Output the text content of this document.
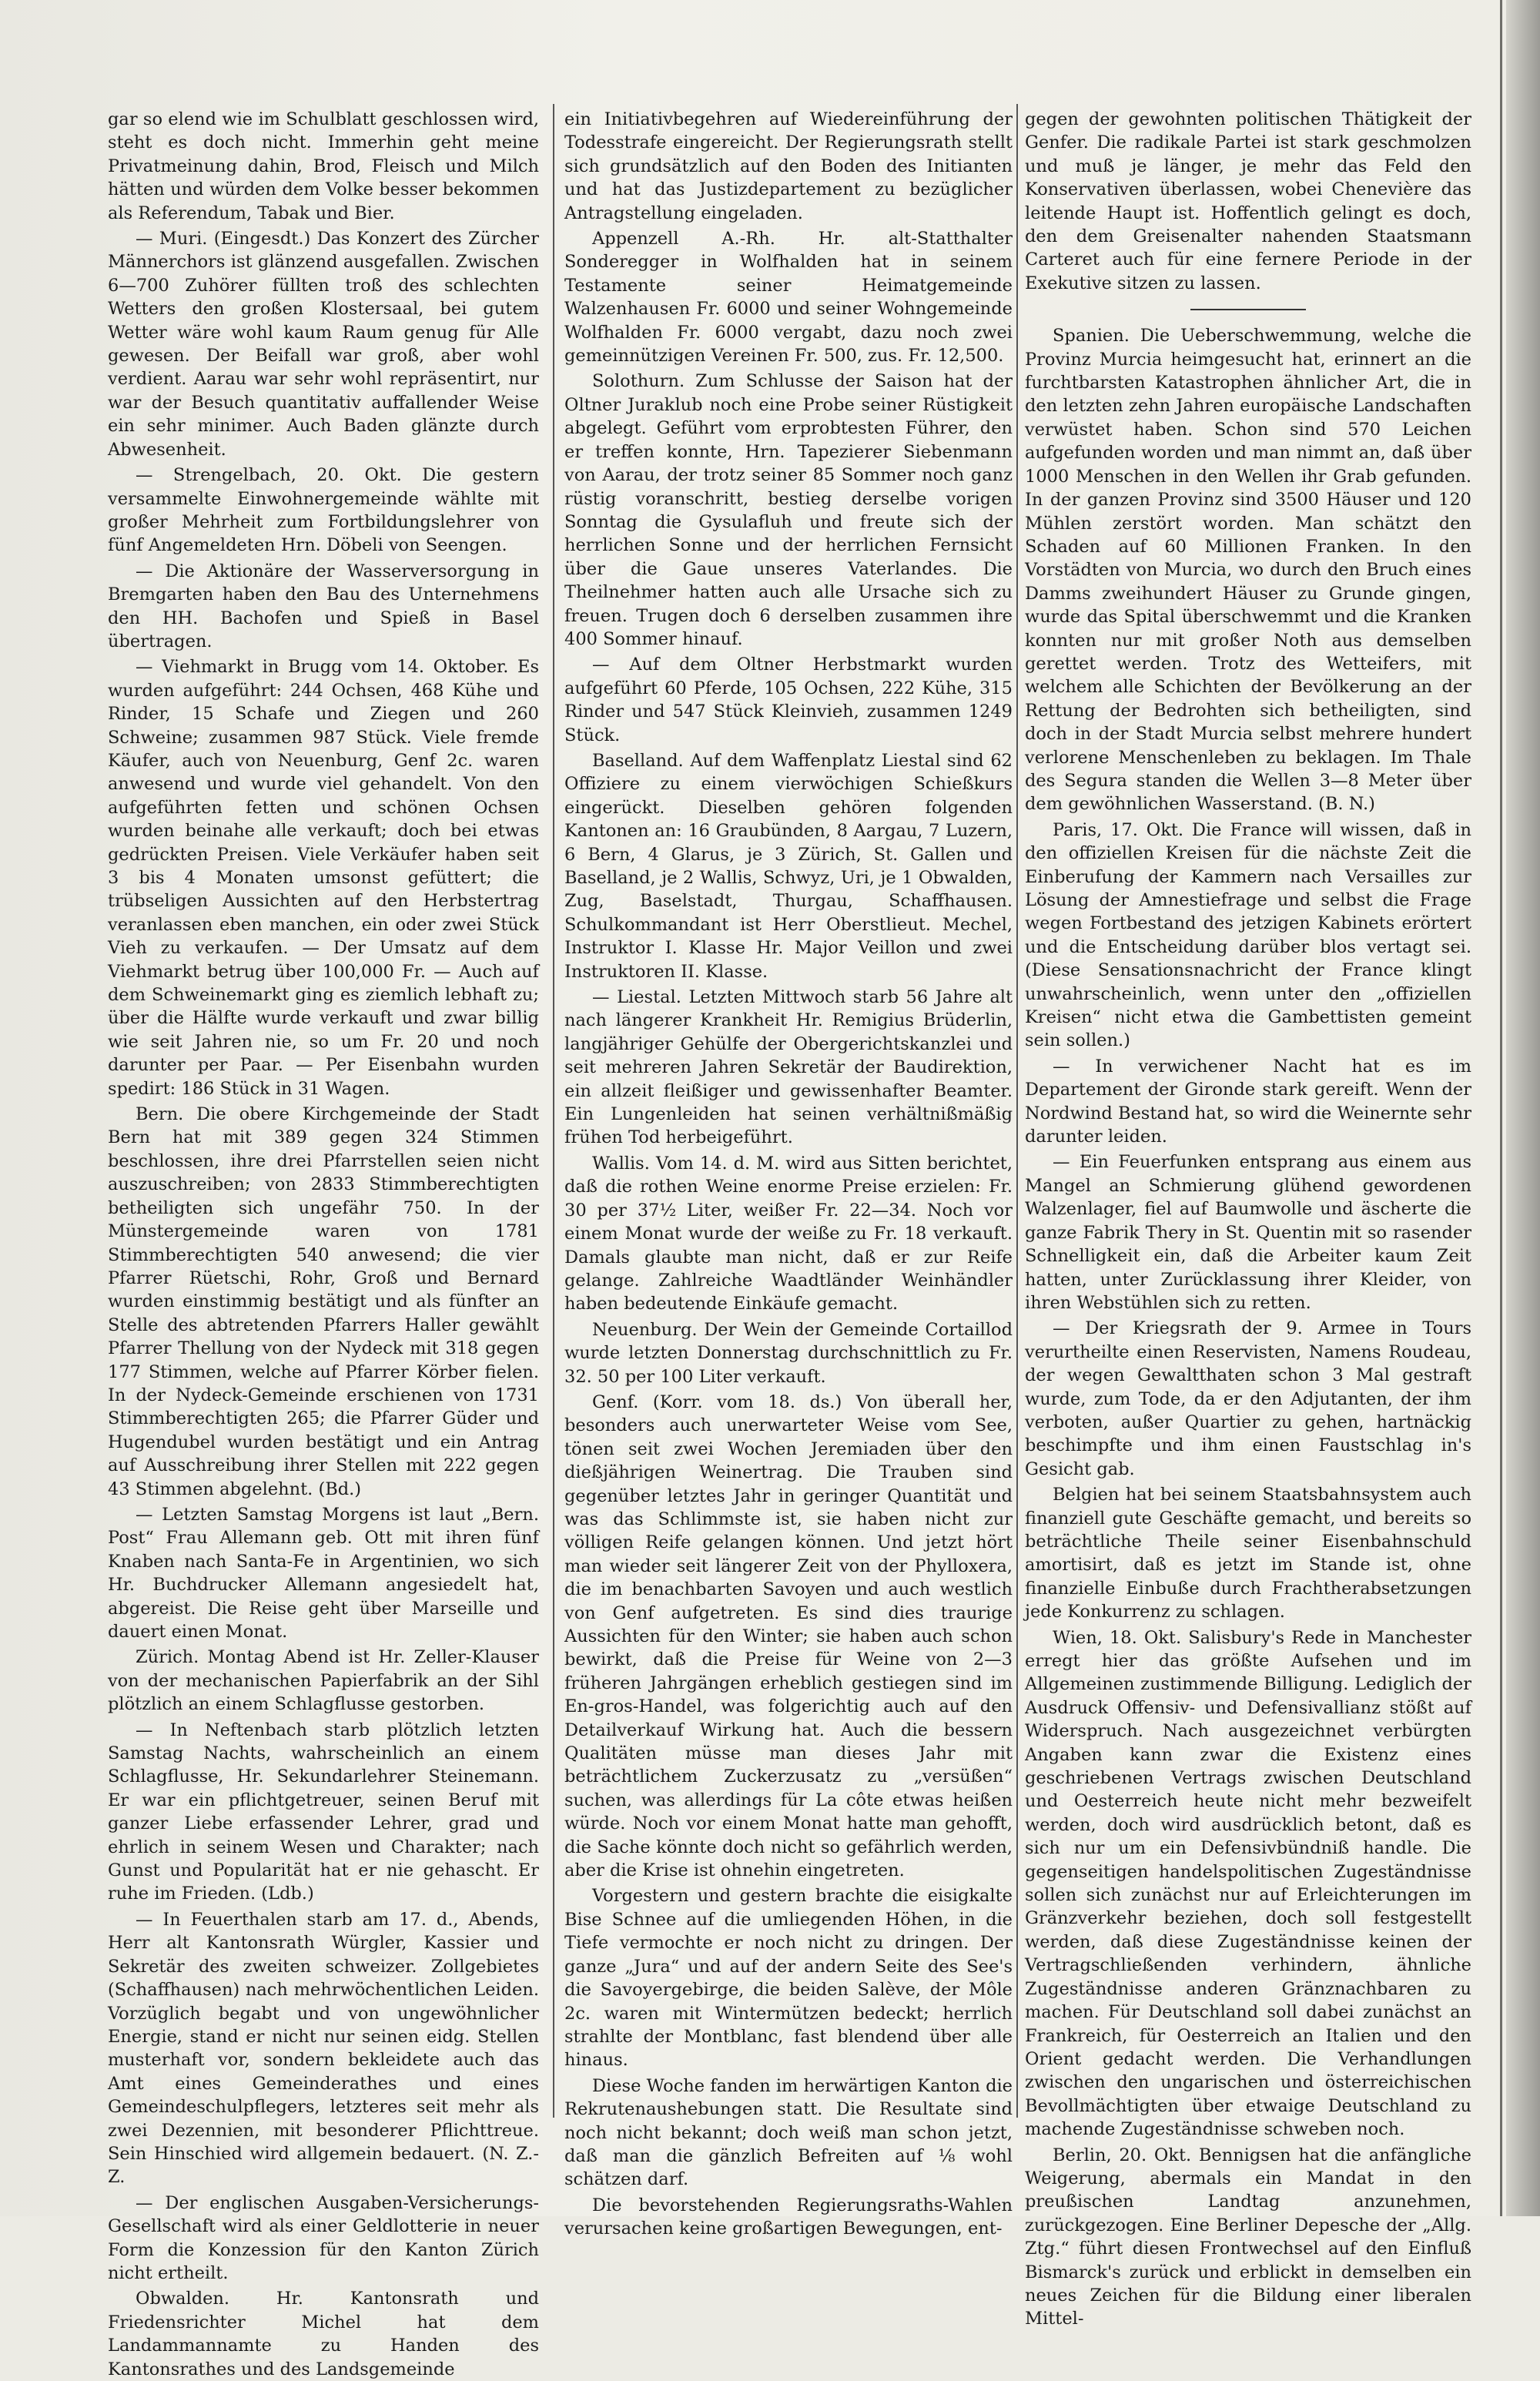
gar so elend wie im Schulblatt geschlossen wird, steht es doch nicht. Immerhin geht meine Privatmeinung dahin, Brod, Fleisch und Milch hätten und würden dem Volke besser bekommen als Referendum, Tabak und Bier.

— Muri. (Eingesdt.) Das Konzert des Zürcher Männerchors ist glänzend ausgefallen. Zwischen 6—700 Zuhörer füllten troß des schlechten Wetters den großen Klostersaal, bei gutem Wetter wäre wohl kaum Raum genug für Alle gewesen. Der Beifall war groß, aber wohl verdient. Aarau war sehr wohl repräsentirt, nur war der Besuch quantitativ auffallender Weise ein sehr minimer. Auch Baden glänzte durch Abwesenheit.

— Strengelbach, 20. Okt. Die gestern versammelte Einwohnergemeinde wählte mit großer Mehrheit zum Fortbildungslehrer von fünf Angemeldeten Hrn. Döbeli von Seengen.

— Die Aktionäre der Wasserversorgung in Bremgarten haben den Bau des Unternehmens den HH. Bachofen und Spieß in Basel übertragen.

— Viehmarkt in Brugg vom 14. Oktober. Es wurden aufgeführt: 244 Ochsen, 468 Kühe und Rinder, 15 Schafe und Ziegen und 260 Schweine; zusammen 987 Stück. Viele fremde Käufer, auch von Neuenburg, Genf 2c. waren anwesend und wurde viel gehandelt. Von den aufgeführten fetten und schönen Ochsen wurden beinahe alle verkauft; doch bei etwas gedrückten Preisen. Viele Verkäufer haben seit 3 bis 4 Monaten umsonst gefüttert; die trübseligen Aussichten auf den Herbstertrag veranlassen eben manchen, ein oder zwei Stück Vieh zu verkaufen. — Der Umsatz auf dem Viehmarkt betrug über 100,000 Fr. — Auch auf dem Schweinemarkt ging es ziemlich lebhaft zu; über die Hälfte wurde verkauft und zwar billig wie seit Jahren nie, so um Fr. 20 und noch darunter per Paar. — Per Eisenbahn wurden spedirt: 186 Stück in 31 Wagen.

Bern. Die obere Kirchgemeinde der Stadt Bern hat mit 389 gegen 324 Stimmen beschlossen, ihre drei Pfarrstellen seien nicht auszuschreiben; von 2833 Stimmberechtigten betheiligten sich ungefähr 750. In der Münstergemeinde waren von 1781 Stimmberechtigten 540 anwesend; die vier Pfarrer Rüetschi, Rohr, Groß und Bernard wurden einstimmig bestätigt und als fünfter an Stelle des abtretenden Pfarrers Haller gewählt Pfarrer Thellung von der Nydeck mit 318 gegen 177 Stimmen, welche auf Pfarrer Körber fielen. In der Nydeck-Gemeinde erschienen von 1731 Stimmberechtigten 265; die Pfarrer Güder und Hugendubel wurden bestätigt und ein Antrag auf Ausschreibung ihrer Stellen mit 222 gegen 43 Stimmen abgelehnt. (Bd.)

— Letzten Samstag Morgens ist laut „Bern. Post“ Frau Allemann geb. Ott mit ihren fünf Knaben nach Santa-Fe in Argentinien, wo sich Hr. Buchdrucker Allemann angesiedelt hat, abgereist. Die Reise geht über Marseille und dauert einen Monat.

Zürich. Montag Abend ist Hr. Zeller-Klauser von der mechanischen Papierfabrik an der Sihl plötzlich an einem Schlagflusse gestorben.

— In Neftenbach starb plötzlich letzten Samstag Nachts, wahrscheinlich an einem Schlagflusse, Hr. Sekundarlehrer Steinemann. Er war ein pflichtgetreuer, seinen Beruf mit ganzer Liebe erfassender Lehrer, grad und ehrlich in seinem Wesen und Charakter; nach Gunst und Popularität hat er nie gehascht. Er ruhe im Frieden. (Ldb.)

— In Feuerthalen starb am 17. d., Abends, Herr alt Kantonsrath Würgler, Kassier und Sekretär des zweiten schweizer. Zollgebietes (Schaffhausen) nach mehrwöchentlichen Leiden. Vorzüglich begabt und von ungewöhnlicher Energie, stand er nicht nur seinen eidg. Stellen musterhaft vor, sondern bekleidete auch das Amt eines Gemeinderathes und eines Gemeindeschulpflegers, letzteres seit mehr als zwei Dezennien, mit besonderer Pflichttreue. Sein Hinschied wird allgemein bedauert. (N. Z.-Z.

— Der englischen Ausgaben-Versicherungs-Gesellschaft wird als einer Geldlotterie in neuer Form die Konzession für den Kanton Zürich nicht ertheilt.

Obwalden. Hr. Kantonsrath und Friedensrichter Michel hat dem Landammannamte zu Handen des Kantonsrathes und des Landsgemeinde

ein Initiativbegehren auf Wiedereinführung der Todesstrafe eingereicht. Der Regierungsrath stellt sich grundsätzlich auf den Boden des Initianten und hat das Justizdepartement zu bezüglicher Antragstellung eingeladen.

Appenzell A.-Rh. Hr. alt-Statthalter Sonderegger in Wolfhalden hat in seinem Testamente seiner Heimatgemeinde Walzenhausen Fr. 6000 und seiner Wohngemeinde Wolfhalden Fr. 6000 vergabt, dazu noch zwei gemeinnützigen Vereinen Fr. 500, zus. Fr. 12,500.

Solothurn. Zum Schlusse der Saison hat der Oltner Juraklub noch eine Probe seiner Rüstigkeit abgelegt. Geführt vom erprobtesten Führer, den er treffen konnte, Hrn. Tapezierer Siebenmann von Aarau, der trotz seiner 85 Sommer noch ganz rüstig voranschritt, bestieg derselbe vorigen Sonntag die Gysulafluh und freute sich der herrlichen Sonne und der herrlichen Fernsicht über die Gaue unseres Vaterlandes. Die Theilnehmer hatten auch alle Ursache sich zu freuen. Trugen doch 6 derselben zusammen ihre 400 Sommer hinauf.

— Auf dem Oltner Herbstmarkt wurden aufgeführt 60 Pferde, 105 Ochsen, 222 Kühe, 315 Rinder und 547 Stück Kleinvieh, zusammen 1249 Stück.

Baselland. Auf dem Waffenplatz Liestal sind 62 Offiziere zu einem vierwöchigen Schießkurs eingerückt. Dieselben gehören folgenden Kantonen an: 16 Graubünden, 8 Aargau, 7 Luzern, 6 Bern, 4 Glarus, je 3 Zürich, St. Gallen und Baselland, je 2 Wallis, Schwyz, Uri, je 1 Obwalden, Zug, Baselstadt, Thurgau, Schaffhausen. Schulkommandant ist Herr Oberstlieut. Mechel, Instruktor I. Klasse Hr. Major Veillon und zwei Instruktoren II. Klasse.

— Liestal. Letzten Mittwoch starb 56 Jahre alt nach längerer Krankheit Hr. Remigius Brüderlin, langjähriger Gehülfe der Obergerichtskanzlei und seit mehreren Jahren Sekretär der Baudirektion, ein allzeit fleißiger und gewissenhafter Beamter. Ein Lungenleiden hat seinen verhältnißmäßig frühen Tod herbeigeführt.

Wallis. Vom 14. d. M. wird aus Sitten berichtet, daß die rothen Weine enorme Preise erzielen: Fr. 30 per 37½ Liter, weißer Fr. 22—34. Noch vor einem Monat wurde der weiße zu Fr. 18 verkauft. Damals glaubte man nicht, daß er zur Reife gelange. Zahlreiche Waadtländer Weinhändler haben bedeutende Einkäufe gemacht.

Neuenburg. Der Wein der Gemeinde Cortaillod wurde letzten Donnerstag durchschnittlich zu Fr. 32. 50 per 100 Liter verkauft.

Genf. (Korr. vom 18. ds.) Von überall her, besonders auch unerwarteter Weise vom See, tönen seit zwei Wochen Jeremiaden über den dießjährigen Weinertrag. Die Trauben sind gegenüber letztes Jahr in geringer Quantität und was das Schlimmste ist, sie haben nicht zur völligen Reife gelangen können. Und jetzt hört man wieder seit längerer Zeit von der Phylloxera, die im benachbarten Savoyen und auch westlich von Genf aufgetreten. Es sind dies traurige Aussichten für den Winter; sie haben auch schon bewirkt, daß die Preise für Weine von 2—3 früheren Jahrgängen erheblich gestiegen sind im En-gros-Handel, was folgerichtig auch auf den Detailverkauf Wirkung hat. Auch die bessern Qualitäten müsse man dieses Jahr mit beträchtlichem Zuckerzusatz zu „versüßen“ suchen, was allerdings für La côte etwas heißen würde. Noch vor einem Monat hatte man gehofft, die Sache könnte doch nicht so gefährlich werden, aber die Krise ist ohnehin eingetreten.

Vorgestern und gestern brachte die eisigkalte Bise Schnee auf die umliegenden Höhen, in die Tiefe vermochte er noch nicht zu dringen. Der ganze „Jura“ und auf der andern Seite des See's die Savoyergebirge, die beiden Salève, der Môle 2c. waren mit Wintermützen bedeckt; herrlich strahlte der Montblanc, fast blendend über alle hinaus.

Diese Woche fanden im herwärtigen Kanton die Rekrutenaushebungen statt. Die Resultate sind noch nicht bekannt; doch weiß man schon jetzt, daß man die gänzlich Befreiten auf ⅛ wohl schätzen darf.

Die bevorstehenden Regierungsraths-Wahlen verursachen keine großartigen Bewegungen, ent-

gegen der gewohnten politischen Thätigkeit der Genfer. Die radikale Partei ist stark geschmolzen und muß je länger, je mehr das Feld den Konservativen überlassen, wobei Chenevière das leitende Haupt ist. Hoffentlich gelingt es doch, den dem Greisenalter nahenden Staatsmann Carteret auch für eine fernere Periode in der Exekutive sitzen zu lassen.

Spanien. Die Ueberschwemmung, welche die Provinz Murcia heimgesucht hat, erinnert an die furchtbarsten Katastrophen ähnlicher Art, die in den letzten zehn Jahren europäische Landschaften verwüstet haben. Schon sind 570 Leichen aufgefunden worden und man nimmt an, daß über 1000 Menschen in den Wellen ihr Grab gefunden. In der ganzen Provinz sind 3500 Häuser und 120 Mühlen zerstört worden. Man schätzt den Schaden auf 60 Millionen Franken. In den Vorstädten von Murcia, wo durch den Bruch eines Damms zweihundert Häuser zu Grunde gingen, wurde das Spital überschwemmt und die Kranken konnten nur mit großer Noth aus demselben gerettet werden. Trotz des Wetteifers, mit welchem alle Schichten der Bevölkerung an der Rettung der Bedrohten sich betheiligten, sind doch in der Stadt Murcia selbst mehrere hundert verlorene Menschenleben zu beklagen. Im Thale des Segura standen die Wellen 3—8 Meter über dem gewöhnlichen Wasserstand. (B. N.)

Paris, 17. Okt. Die France will wissen, daß in den offiziellen Kreisen für die nächste Zeit die Einberufung der Kammern nach Versailles zur Lösung der Amnestiefrage und selbst die Frage wegen Fortbestand des jetzigen Kabinets erörtert und die Entscheidung darüber blos vertagt sei. (Diese Sensationsnachricht der France klingt unwahrscheinlich, wenn unter den „offiziellen Kreisen“ nicht etwa die Gambettisten gemeint sein sollen.)

— In verwichener Nacht hat es im Departement der Gironde stark gereift. Wenn der Nordwind Bestand hat, so wird die Weinernte sehr darunter leiden.

— Ein Feuerfunken entsprang aus einem aus Mangel an Schmierung glühend gewordenen Walzenlager, fiel auf Baumwolle und äscherte die ganze Fabrik Thery in St. Quentin mit so rasender Schnelligkeit ein, daß die Arbeiter kaum Zeit hatten, unter Zurücklassung ihrer Kleider, von ihren Webstühlen sich zu retten.

— Der Kriegsrath der 9. Armee in Tours verurtheilte einen Reservisten, Namens Roudeau, der wegen Gewaltthaten schon 3 Mal gestraft wurde, zum Tode, da er den Adjutanten, der ihm verboten, außer Quartier zu gehen, hartnäckig beschimpfte und ihm einen Faustschlag in's Gesicht gab.

Belgien hat bei seinem Staatsbahnsystem auch finanziell gute Geschäfte gemacht, und bereits so beträchtliche Theile seiner Eisenbahnschuld amortisirt, daß es jetzt im Stande ist, ohne finanzielle Einbuße durch Frachtherabsetzungen jede Konkurrenz zu schlagen.

Wien, 18. Okt. Salisbury's Rede in Manchester erregt hier das größte Aufsehen und im Allgemeinen zustimmende Billigung. Lediglich der Ausdruck Offensiv- und Defensivallianz stößt auf Widerspruch. Nach ausgezeichnet verbürgten Angaben kann zwar die Existenz eines geschriebenen Vertrags zwischen Deutschland und Oesterreich heute nicht mehr bezweifelt werden, doch wird ausdrücklich betont, daß es sich nur um ein Defensivbündniß handle. Die gegenseitigen handelspolitischen Zugeständnisse sollen sich zunächst nur auf Erleichterungen im Gränzverkehr beziehen, doch soll festgestellt werden, daß diese Zugeständnisse keinen der Vertragschließenden verhindern, ähnliche Zugeständnisse anderen Gränznachbaren zu machen. Für Deutschland soll dabei zunächst an Frankreich, für Oesterreich an Italien und den Orient gedacht werden. Die Verhandlungen zwischen den ungarischen und österreichischen Bevollmächtigten über etwaige Deutschland zu machende Zugeständnisse schweben noch.

Berlin, 20. Okt. Bennigsen hat die anfängliche Weigerung, abermals ein Mandat in den preußischen Landtag anzunehmen, zurückgezogen. Eine Berliner Depesche der „Allg. Ztg.“ führt diesen Frontwechsel auf den Einfluß Bismarck's zurück und erblickt in demselben ein neues Zeichen für die Bildung einer liberalen Mittel-
